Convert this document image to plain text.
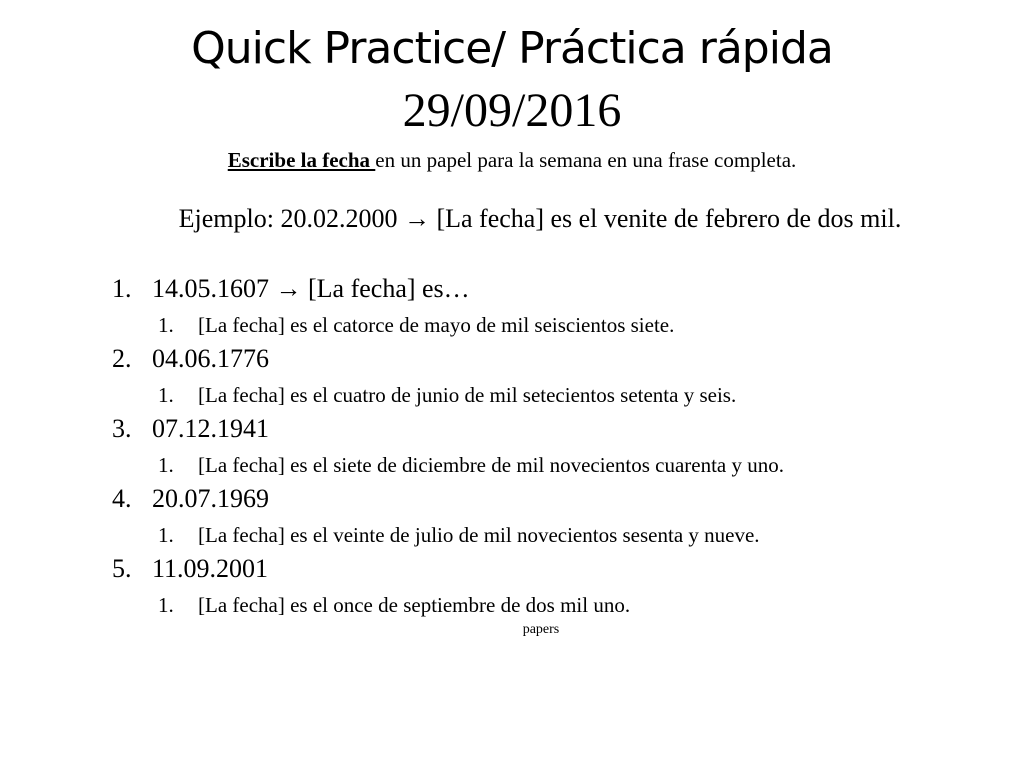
Quick Practice/ Práctica rápida
29/09/2016
Escribe la fecha en un papel para la semana en una frase completa.
Ejemplo: 20.02.2000 → [La fecha] es el venite de febrero de dos mil.
1. 14.05.1607 → [La fecha] es…
1. [La fecha] es el catorce de mayo de mil seiscientos siete.
2. 04.06.1776
1. [La fecha] es el cuatro de junio de mil setecientos setenta y seis.
3. 07.12.1941
1. [La fecha] es el siete de diciembre de mil novecientos cuarenta y uno.
4. 20.07.1969
1. [La fecha] es el veinte de julio de mil novecientos sesenta y nueve.
5. 11.09.2001
1. [La fecha] es el once de septiembre de dos mil uno.
papers
